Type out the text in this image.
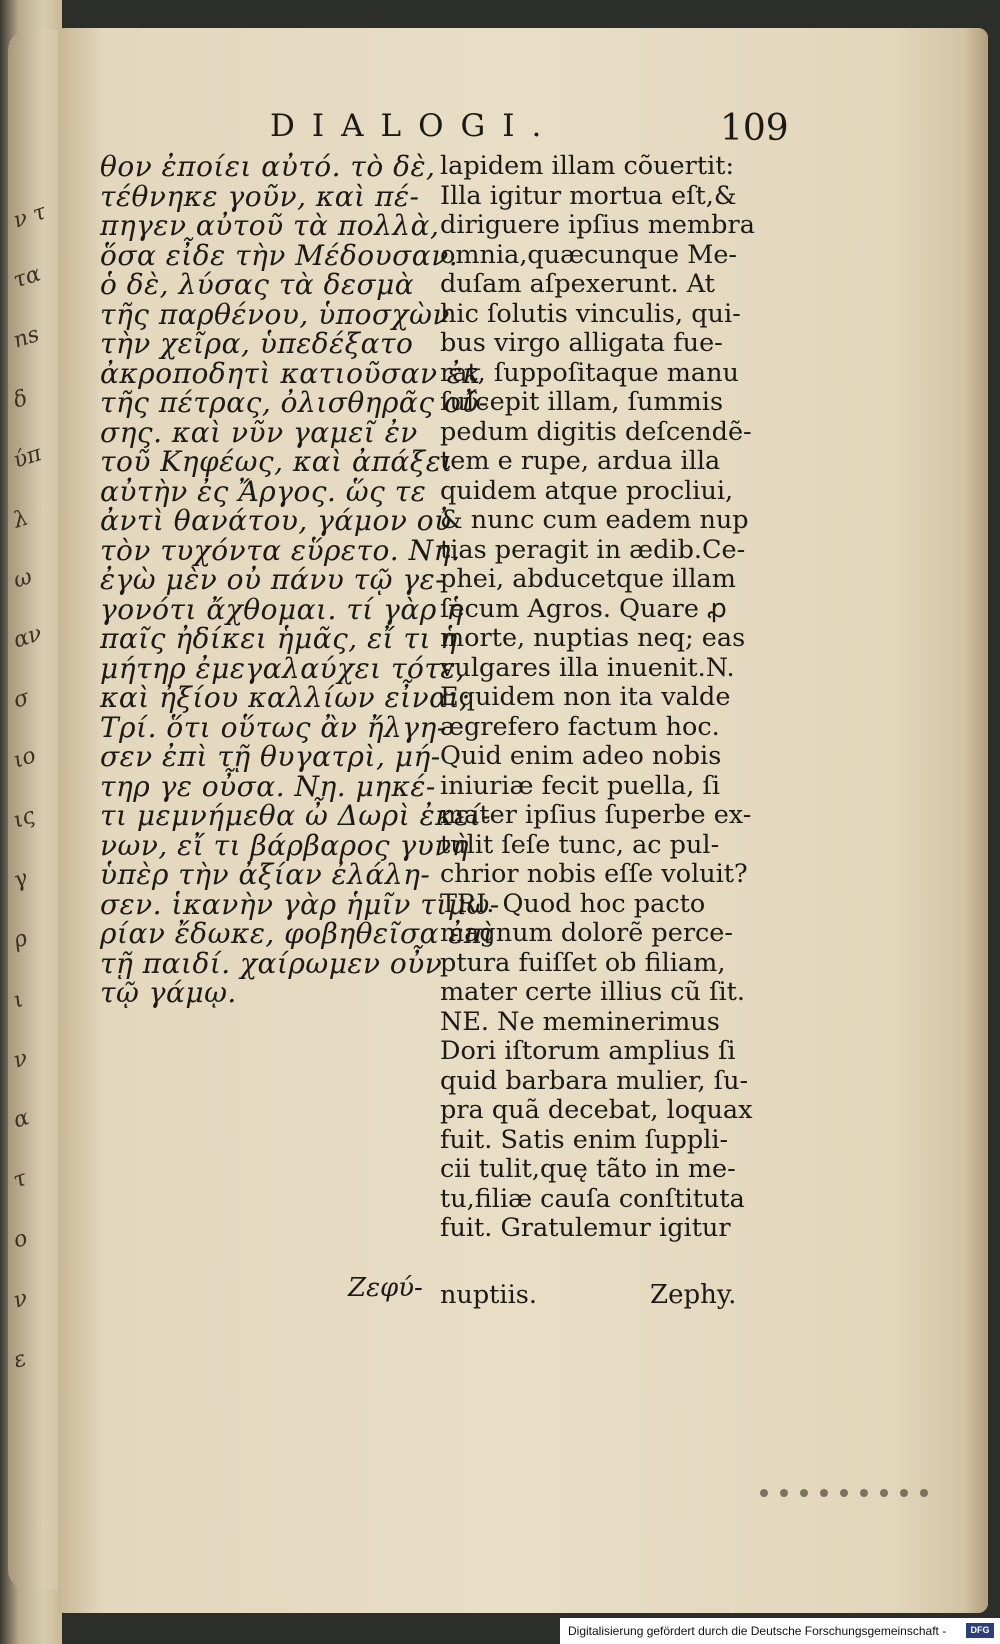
ν τ
τα
ns
δ
ύπ
λ
ω
αν
σ
ιο
ις
γ
ρ
ι
ν
α
τ
ο
ν
ε
DIALOGI.	109
θον ἐποίει αὐτό. τὸ δὲ,
τέθνηκε γοῦν, καὶ πέ-
πηγεν αὐτοῦ τὰ πολλὰ,
ὅσα εἶδε τὴν Μέδουσαν.
ὁ δὲ, λύσας τὰ δεσμὰ
τῆς παρθένου, ὑποσχὼν
τὴν χεῖρα, ὑπεδέξατο
ἀκροποδητὶ κατιοῦσαν ἐκ
τῆς πέτρας, ὀλισθηρᾶς οὔ-
σης. καὶ νῦν γαμεῖ ἐν
τοῦ Κηφέως, καὶ ἀπάξει
αὐτὴν ἐς Ἄργος. ὥς τε
ἀντὶ θανάτου, γάμον οὐ
τὸν τυχόντα εὕρετο. Νη.
ἐγὼ μὲν οὐ πάνυ τῷ γε-
γονότι ἄχθομαι. τί γὰρ ἡ
παῖς ἠδίκει ἡμᾶς, εἴ τι ἡ
μήτηρ ἐμεγαλαύχει τότε,
καὶ ἠξίου καλλίων εἶναι;
Τρί. ὅτι οὕτως ἂν ἤλγη-
σεν ἐπὶ τῇ θυγατρὶ, μή-
τηρ γε οὖσα. Νη. μηκέ-
τι μεμνήμεθα ὦ Δωρὶ ἐκεί-
νων, εἴ τι βάρβαρος γυνὴ
ὑπὲρ τὴν ἀξίαν ἐλάλη-
σεν. ἱκανὴν γὰρ ἡμῖν τιμω-
ρίαν ἔδωκε, φοβηθεῖσα ἐπὶ
τῇ παιδί. χαίρωμεν οὖν
τῷ γάμῳ.
lapidem illam cõuertit:
Illa igitur mortua eſt,&
diriguere ipſius membra
omnia,quæcunque Me-
duſam aſpexerunt. At
hic ſolutis vinculis, qui-
bus virgo alligata fue-
rat, ſuppoſitaque manu
ſuſcepit illam, ſummis
pedum digitis deſcendẽ-
tem e rupe, ardua illa
quidem atque procliui,
& nunc cum eadem nup
tias peragit in ædib.Ce-
phei, abducetque illam
ſecum Agros. Quare ꝓ
morte, nuptias neq; eas
vulgares illa inuenit.N.
Equidem non ita valde
ægrefero factum hoc.
Quid enim adeo nobis
iniuriæ fecit puella, ſi
mater ipſius ſuperbe ex-
tulit ſeſe tunc, ac pul-
chrior nobis eſſe voluit?
TRI. Quod hoc pacto
magnum dolorẽ perce-
ptura fuiſſet ob filiam,
mater certe illius cũ ſit.
NE. Ne meminerimus
Dori iſtorum amplius ſi
quid barbara mulier, ſu-
pra quã decebat, loquax
fuit. Satis enim ſuppli-
cii tulit,quę tãto in me-
tu,filiæ cauſa conſtituta
fuit. Gratulemur igitur
Ζεφύ- nuptiis.	Zephy.
Digitalisierung gefördert durch die Deutsche Forschungsgemeinschaft -	DFG
